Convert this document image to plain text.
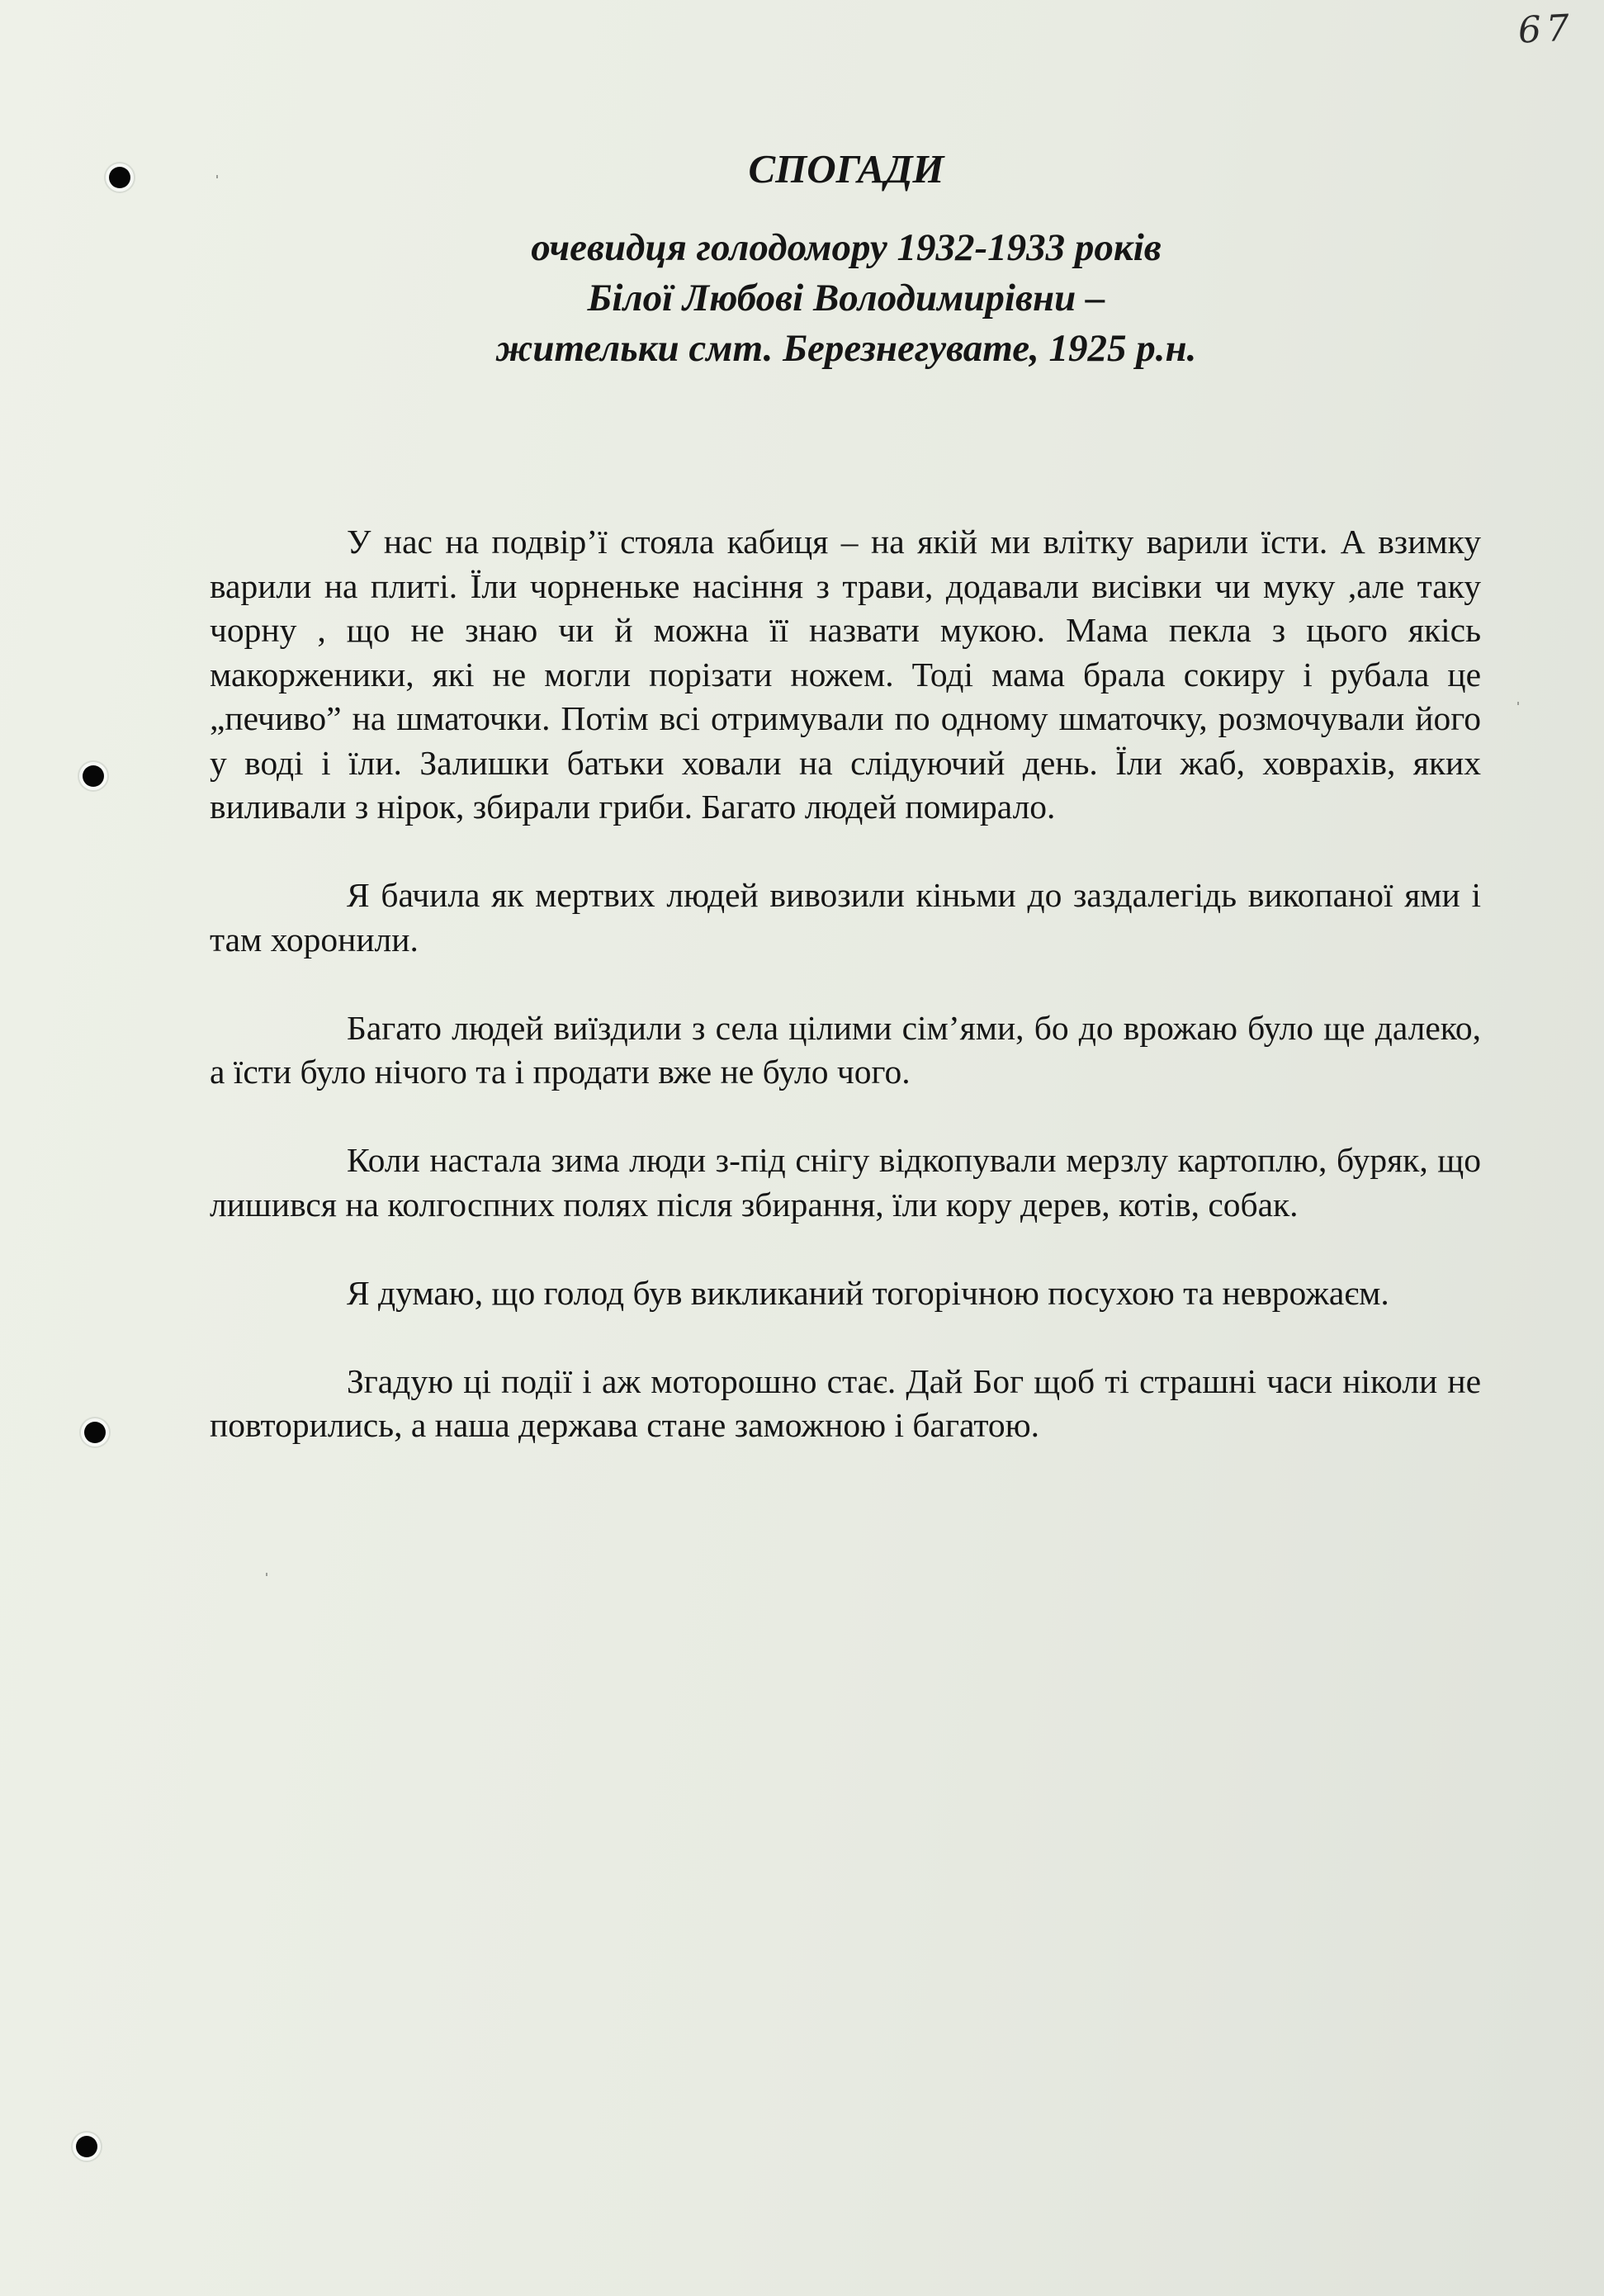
67
СПОГАДИ
очевидця голодомору 1932-1933 років
Білої Любові Володимирівни –
жительки смт. Березнегувате, 1925 р.н.

У нас на подвір’ї стояла кабиця – на якій ми влітку варили їсти. А взимку варили на плиті. Їли чорненьке насіння з трави, додавали висівки чи муку ,але таку чорну , що не знаю чи й можна її назвати мукою. Мама пекла з цього якісь макорженики, які не могли порізати ножем. Тоді мама брала сокиру і рубала це „печиво” на шматочки. Потім всі отримували по одному шматочку, розмочували його у воді і їли. Залишки батьки ховали на слідуючий день. Їли жаб, ховрахів, яких виливали з нірок, збирали гриби. Багато людей помирало.

Я бачила як мертвих людей вивозили кіньми до заздалегідь викопаної ями і там хоронили.

Багато людей виїздили з села цілими сім’ями, бо до врожаю було ще далеко, а їсти було нічого та і продати вже не було чого.

Коли настала зима люди з-під снігу відкопували мерзлу картоплю, буряк, що лишився на колгоспних полях після збирання, їли кору дерев, котів, собак.

Я думаю, що голод був викликаний тогорічною посухою та неврожаєм.

Згадую ці події і аж моторошно стає. Дай Бог щоб ті страшні часи ніколи не повторились, а наша держава стане заможною і багатою.
